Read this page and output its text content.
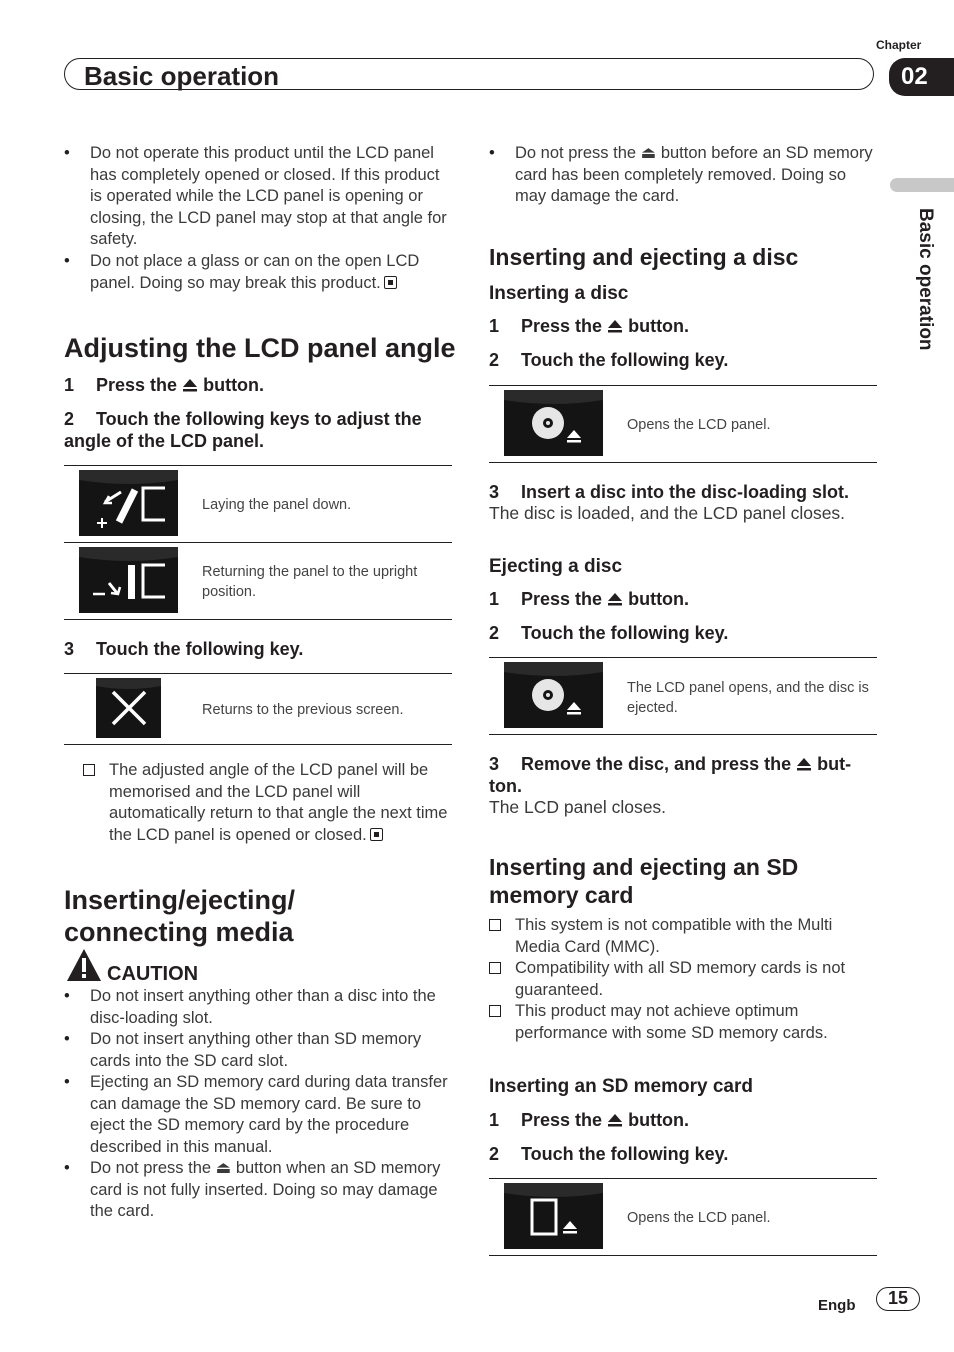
Chapter
Basic operation	02
Basic operation
•	Do not operate this product until the LCD panel has completely opened or closed. If this product is operated while the LCD panel is opening or closing, the LCD panel may stop at that angle for safety.
•	Do not place a glass or can on the open LCD panel. Doing so may break this product.
Adjusting the LCD panel angle
1 Press the button.
2 Touch the following keys to adjust the angle of the LCD panel.
Laying the panel down.
Returning the panel to the upright position.
3 Touch the following key.
Returns to the previous screen.
The adjusted angle of the LCD panel will be memorised and the LCD panel will automatically return to that angle the next time the LCD panel is opened or closed.
Inserting/ejecting/
connecting media
CAUTION
•	Do not insert anything other than a disc into the disc-loading slot.
•	Do not insert anything other than SD memory cards into the SD card slot.
•	Ejecting an SD memory card during data transfer can damage the SD memory card. Be sure to eject the SD memory card by the procedure described in this manual.
•	Do not press the ⏏ button when an SD memory card is not fully inserted. Doing so may damage the card.
•	Do not press the ⏏ button before an SD memory card has been completely removed. Doing so may damage the card.
Inserting and ejecting a disc
Inserting a disc
1 Press the button.
2 Touch the following key.
Opens the LCD panel.
3 Insert a disc into the disc-loading slot.
The disc is loaded, and the LCD panel closes.
Ejecting a disc
1 Press the button.
2 Touch the following key.
The LCD panel opens, and the disc is ejected.
3 Remove the disc, and press the but-
ton.
The LCD panel closes.
Inserting and ejecting an SD
memory card
This system is not compatible with the Multi Media Card (MMC).
Compatibility with all SD memory cards is not guaranteed.
This product may not achieve optimum performance with some SD memory cards.
Inserting an SD memory card
1 Press the button.
2 Touch the following key.
Opens the LCD panel.
Engb	15
